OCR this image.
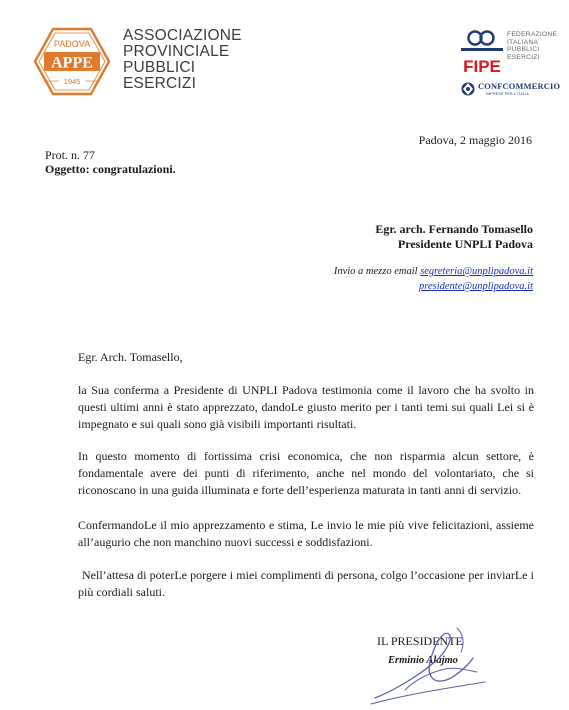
PADOVA
APPE
1945
ASSOCIAZIONE
PROVINCIALE
PUBBLICI
ESERCIZI
FIPE
FEDERAZIONE
ITALIANA
PUBBLICI
ESERCIZI
CONFCOMMERCIO
IMPRESE PER L'ITALIA
Padova, 2 maggio 2016
Prot. n. 77
Oggetto: congratulazioni.
Egr. arch. Fernando Tomasello
Presidente UNPLI Padova
Invio a mezzo email segreteria@unplipadova.it
presidente@unplipadova.it
Egr. Arch. Tomasello,
la Sua conferma a Presidente di UNPLI Padova testimonia come il lavoro che ha svolto in questi ultimi anni è stato apprezzato, dandoLe giusto merito per i tanti temi sui quali Lei si è impegnato e sui quali sono già visibili importanti risultati.
In questo momento di fortissima crisi economica, che non risparmia alcun settore, è fondamentale avere dei punti di riferimento, anche nel mondo del volontariato, che si riconoscano in una guida illuminata e forte dell’esperienza maturata in tanti anni di servizio.
ConfermandoLe il mio apprezzamento e stima, Le invio le mie più vive felicitazioni, assieme all’augurio che non manchino nuovi successi e soddisfazioni.
Nell’attesa di poterLe porgere i miei complimenti di persona, colgo l’occasione per inviarLe i più cordiali saluti.
IL PRESIDENTE
Erminio Alajmo
